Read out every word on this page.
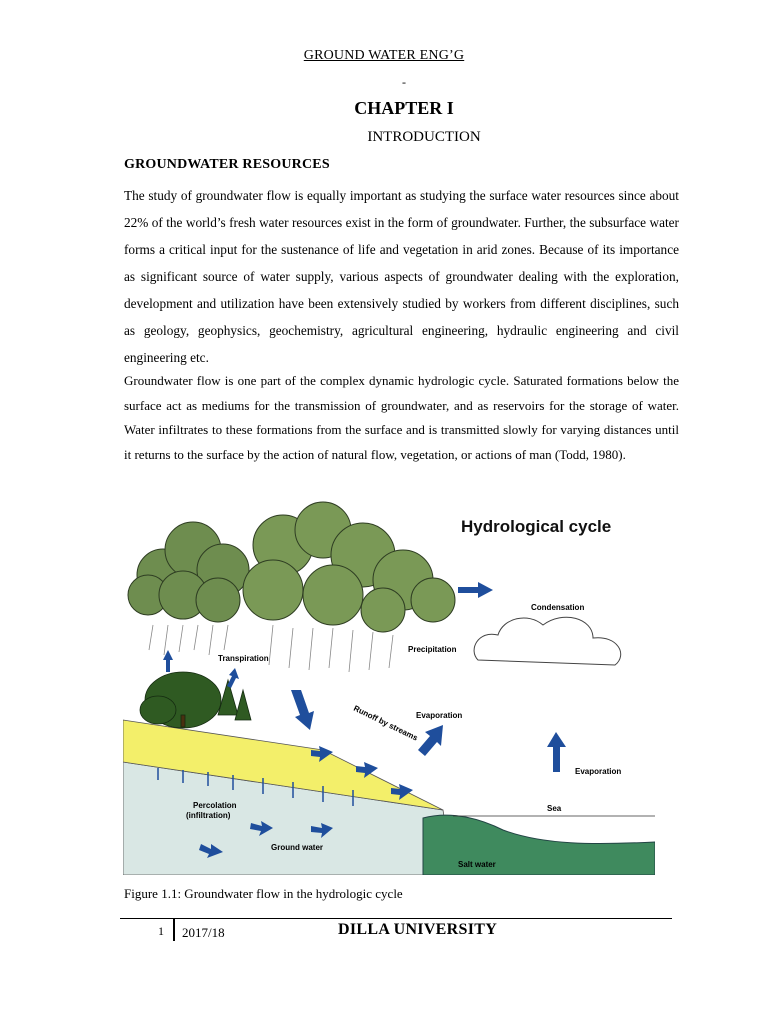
GROUND WATER ENG’G
-
CHAPTER I
INTRODUCTION
GROUNDWATER RESOURCES
The study of groundwater flow is equally important as studying the surface water resources since about 22% of the world’s fresh water resources exist in the form of groundwater. Further, the subsurface water forms a critical input for the sustenance of life and vegetation in arid zones. Because of its importance as significant source of water supply, various aspects of groundwater dealing with the exploration, development and utilization have been extensively studied by workers from different disciplines, such as geology, geophysics, geochemistry, agricultural engineering, hydraulic engineering and civil engineering etc.
Groundwater flow is one part of the complex dynamic hydrologic cycle. Saturated formations below the surface act as mediums for the transmission of groundwater, and as reservoirs for the storage of water. Water infiltrates to these formations from the surface and is transmitted slowly for varying distances until it returns to the surface by the action of natural flow, vegetation, or actions of man (Todd, 1980).
Hydrological cycle
Condensation
Transpiration
Precipitation
Evaporation
Evaporation
Runoff by streams
Percolation
(infiltration)
Ground water
Sea
Salt water
Figure 1.1: Groundwater flow in the hydrologic cycle
1 2017/18	DILLA UNIVERSITY
